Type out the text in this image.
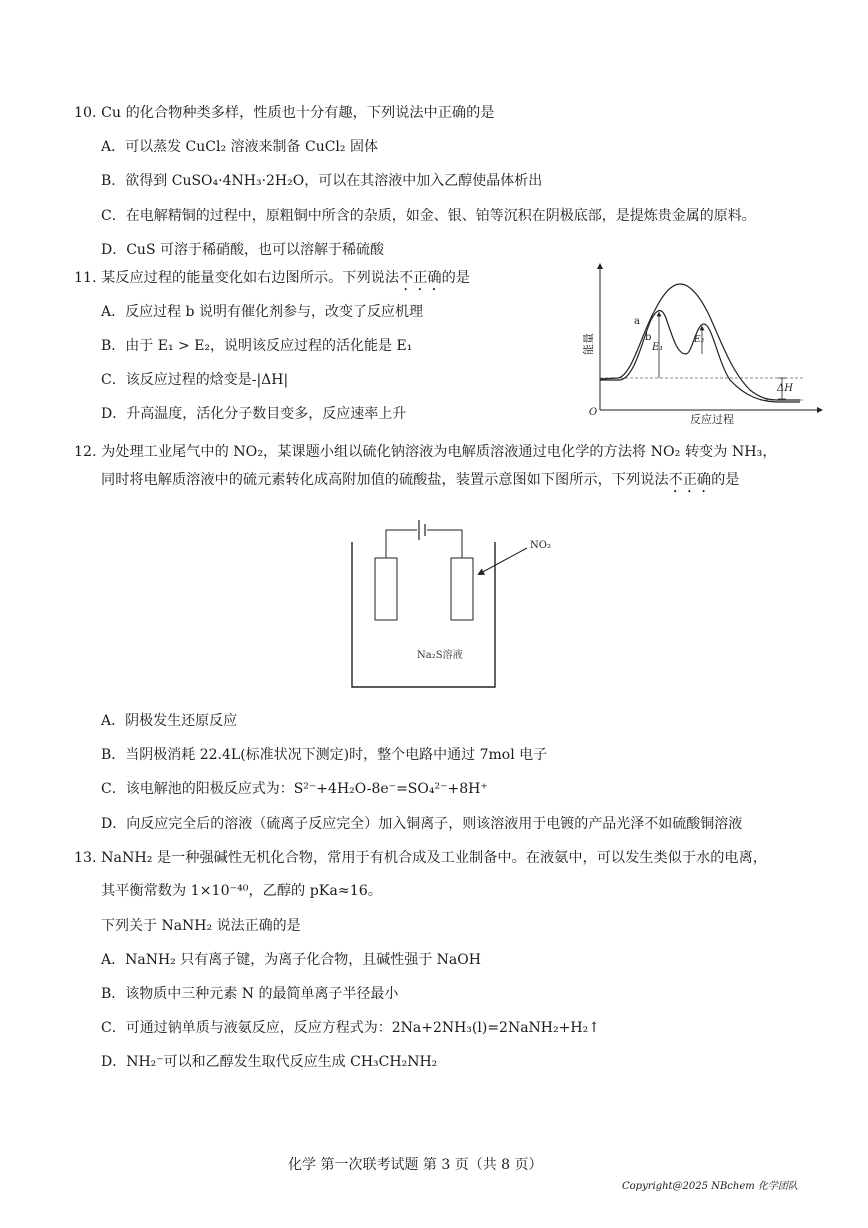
10. Cu 的化合物种类多样，性质也十分有趣，下列说法中正确的是
A．可以蒸发 CuCl₂ 溶液来制备 CuCl₂ 固体
B．欲得到 CuSO₄·4NH₃·2H₂O，可以在其溶液中加入乙醇使晶体析出
C．在电解精铜的过程中，原粗铜中所含的杂质，如金、银、铂等沉积在阴极底部，是提炼贵金属的原料。
D．CuS 可溶于稀硝酸，也可以溶解于稀硫酸
11. 某反应过程的能量变化如右边图所示。下列说法不正确的是
A．反应过程 b 说明有催化剂参与，改变了反应机理
B．由于 E₁ > E₂，说明该反应过程的活化能是 E₁
C．该反应过程的焓变是-|ΔH|
D．升高温度，活化分子数目变多，反应速率上升	O
能量
反应过程
a
b
E₁
E₂
ΔH
12. 为处理工业尾气中的 NO₂，某课题小组以硫化钠溶液为电解质溶液通过电化学的方法将 NO₂ 转变为 NH₃，
同时将电解质溶液中的硫元素转化成高附加值的硫酸盐，装置示意图如下图所示，下列说法不正确的是
NO₂
Na₂S溶液
A．阴极发生还原反应
B．当阴极消耗 22.4L(标准状况下测定)时，整个电路中通过 7mol 电子
C．该电解池的阳极反应式为：S²⁻+4H₂O-8e⁻=SO₄²⁻+8H⁺
D．向反应完全后的溶液（硫离子反应完全）加入铜离子，则该溶液用于电镀的产品光泽不如硫酸铜溶液
13. NaNH₂ 是一种强碱性无机化合物，常用于有机合成及工业制备中。在液氨中，可以发生类似于水的电离，
其平衡常数为 1×10⁻⁴⁰，乙醇的 pKa≈16。
下列关于 NaNH₂ 说法正确的是
A．NaNH₂ 只有离子键，为离子化合物，且碱性强于 NaOH
B．该物质中三种元素 N 的最简单离子半径最小
C．可通过钠单质与液氨反应，反应方程式为：2Na+2NH₃(l)=2NaNH₂+H₂↑
D．NH₂⁻可以和乙醇发生取代反应生成 CH₃CH₂NH₂
化学 第一次联考试题 第 3 页（共 8 页）
Copyright@2025 NBchem 化学团队
